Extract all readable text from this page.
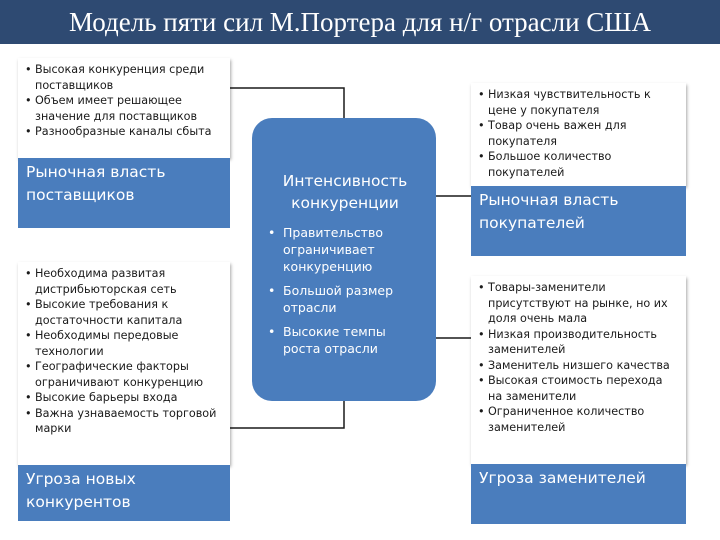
Модель пяти сил М.Портера для н/г отрасли США
• Высокая конкуренция среди поставщиков
• Объем имеет решающее значение для поставщиков
• Разнообразные каналы сбыта
Рыночная власть поставщиков
• Необходима развитая дистрибьюторская сеть
• Высокие требования к достаточности капитала
• Необходимы передовые технологии
• Географические факторы ограничивают конкуренцию
• Высокие барьеры входа
• Важна узнаваемость торговой марки
Угроза новых конкурентов
Интенсивность конкуренции
• Правительство ограничивает конкуренцию
• Большой размер отрасли
• Высокие темпы роста отрасли
• Низкая чувствительность к цене у покупателя
• Товар очень важен для покупателя
• Большое количество покупателей
Рыночная власть покупателей
• Товары-заменители присутствуют на рынке, но их доля очень мала
• Низкая производительность заменителей
• Заменитель низшего качества
• Высокая стоимость перехода на заменители
• Ограниченное количество заменителей
Угроза заменителей
